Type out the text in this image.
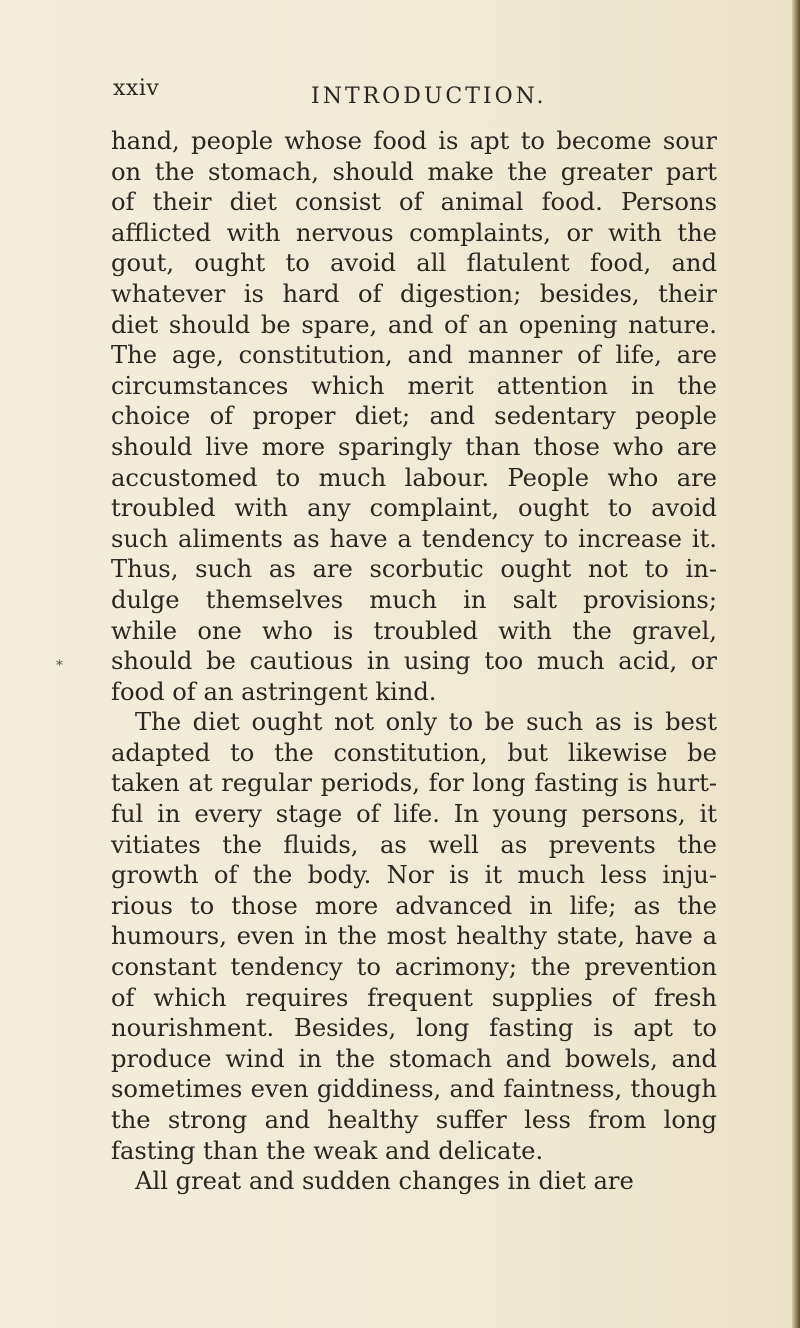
xxiv	INTRODUCTION.
*
hand, people whose food is apt to become sour
on the stomach, should make the greater part
of their diet consist of animal food. Persons
afflicted with nervous complaints, or with the
gout, ought to avoid all flatulent food, and
whatever is hard of digestion; besides, their
diet should be spare, and of an opening nature.
The age, constitution, and manner of life, are
circumstances which merit attention in the
choice of proper diet; and sedentary people
should live more sparingly than those who are
accustomed to much labour. People who are
troubled with any complaint, ought to avoid
such aliments as have a tendency to increase it.
Thus, such as are scorbutic ought not to in-
dulge themselves much in salt provisions;
while one who is troubled with the gravel,
should be cautious in using too much acid, or
food of an astringent kind.
The diet ought not only to be such as is best
adapted to the constitution, but likewise be
taken at regular periods, for long fasting is hurt-
ful in every stage of life. In young persons, it
vitiates the fluids, as well as prevents the
growth of the body. Nor is it much less inju-
rious to those more advanced in life; as the
humours, even in the most healthy state, have a
constant tendency to acrimony; the prevention
of which requires frequent supplies of fresh
nourishment. Besides, long fasting is apt to
produce wind in the stomach and bowels, and
sometimes even giddiness, and faintness, though
the strong and healthy suffer less from long
fasting than the weak and delicate.
All great and sudden changes in diet are
